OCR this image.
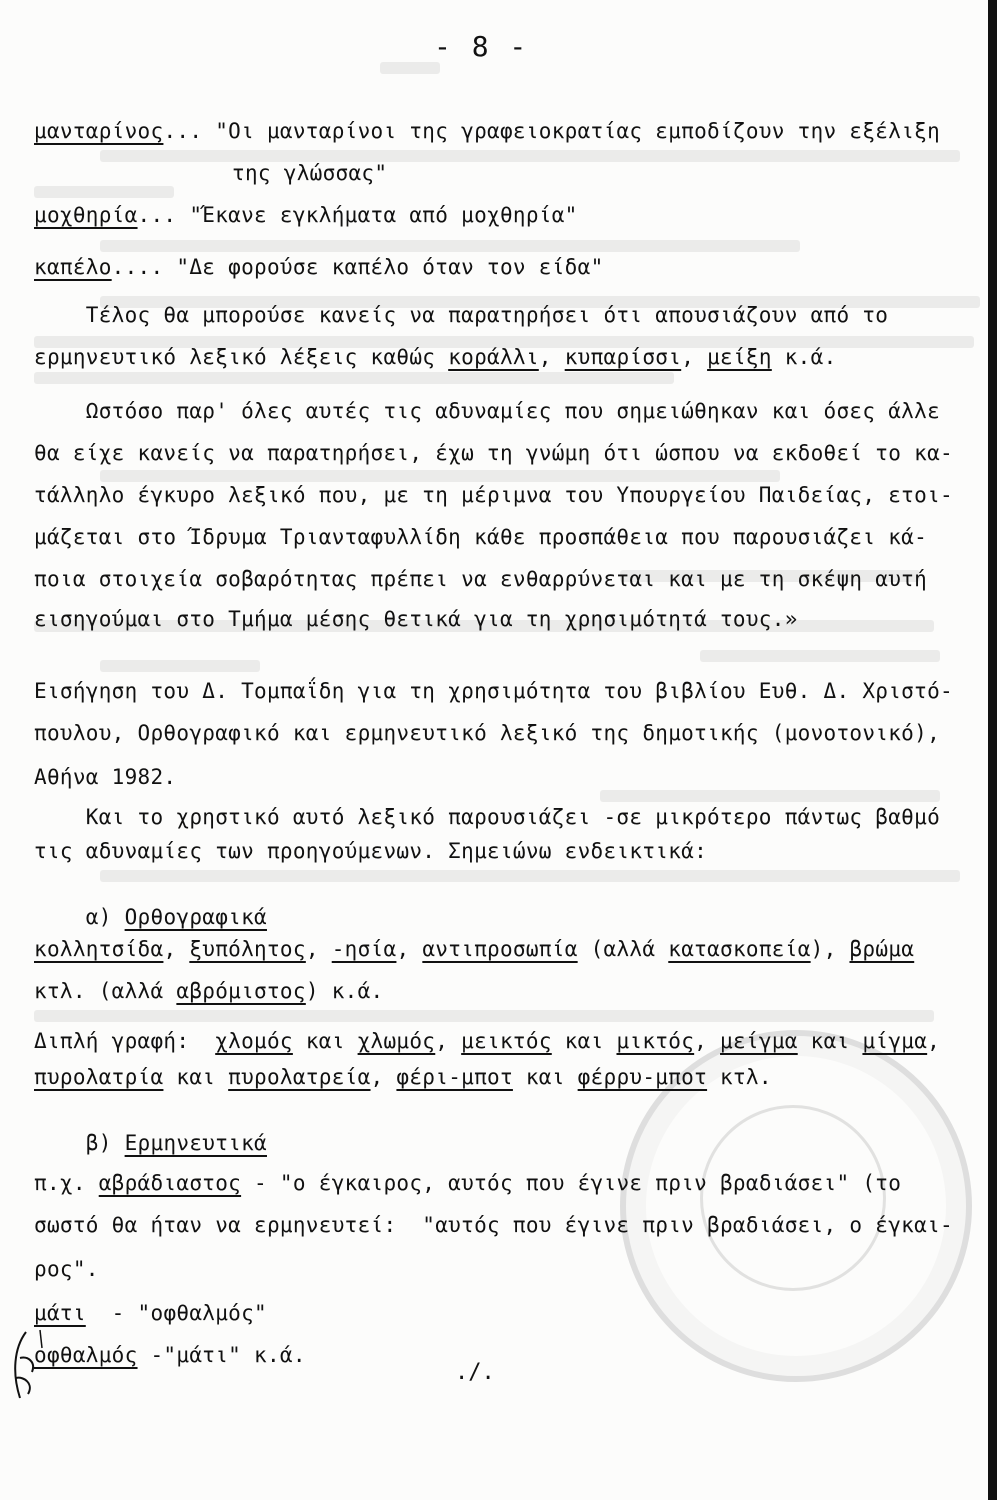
- 8 -
μανταρίνος... "Οι μανταρίνοι της γραφειοκρατίας εμποδίζουν την εξέλιξη
της γλώσσας"
μοχθηρία... "Έκανε εγκλήματα από μοχθηρία"
καπέλο.... "Δε φορούσε καπέλο όταν τον είδα"
Τέλος θα μπορούσε κανείς να παρατηρήσει ότι απουσιάζουν από το
ερμηνευτικό λεξικό λέξεις καθώς κοράλλι, κυπαρίσσι, μείξη κ.ά.
Ωστόσο παρ' όλες αυτές τις αδυναμίες που σημειώθηκαν και όσες άλλε
θα είχε κανείς να παρατηρήσει, έχω τη γνώμη ότι ώσπου να εκδοθεί το κα-
τάλληλο έγκυρο λεξικό που, με τη μέριμνα του Υπουργείου Παιδείας, ετοι-
μάζεται στο Ίδρυμα Τριανταφυλλίδη κάθε προσπάθεια που παρουσιάζει κά-
ποια στοιχεία σοβαρότητας πρέπει να ενθαρρύνεται και με τη σκέψη αυτή
εισηγούμαι στο Τμήμα μέσης θετικά για τη χρησιμότητά τους.»
Εισήγηση του Δ. Τομπαΐδη για τη χρησιμότητα του βιβλίου Ευθ. Δ. Χριστό-
πουλου, Ορθογραφικό και ερμηνευτικό λεξικό της δημοτικής (μονοτονικό),
Αθήνα 1982.
Και το χρηστικό αυτό λεξικό παρουσιάζει -σε μικρότερο πάντως βαθμό
τις αδυναμίες των προηγούμενων. Σημειώνω ενδεικτικά:
α) Ορθογραφικά
κολλητσίδα, ξυπόλητος, -ησία, αντιπροσωπία (αλλά κατασκοπεία), βρώμα
κτλ. (αλλά αβρόμιστος) κ.ά.
Διπλή γραφή:  χλομός και χλωμός, μεικτός και μικτός, μείγμα και μίγμα,
πυρολατρία και πυρολατρεία, φέρι-μποτ και φέρρυ-μποτ κτλ.
β) Ερμηνευτικά
π.χ. αβράδιαστος - "ο έγκαιρος, αυτός που έγινε πριν βραδιάσει" (το
σωστό θα ήταν να ερμηνευτεί:  "αυτός που έγινε πριν βραδιάσει, ο έγκαι-
ρος".
μάτι  - "οφθαλμός"
οφθαλμός -"μάτι" κ.ά.
./.
